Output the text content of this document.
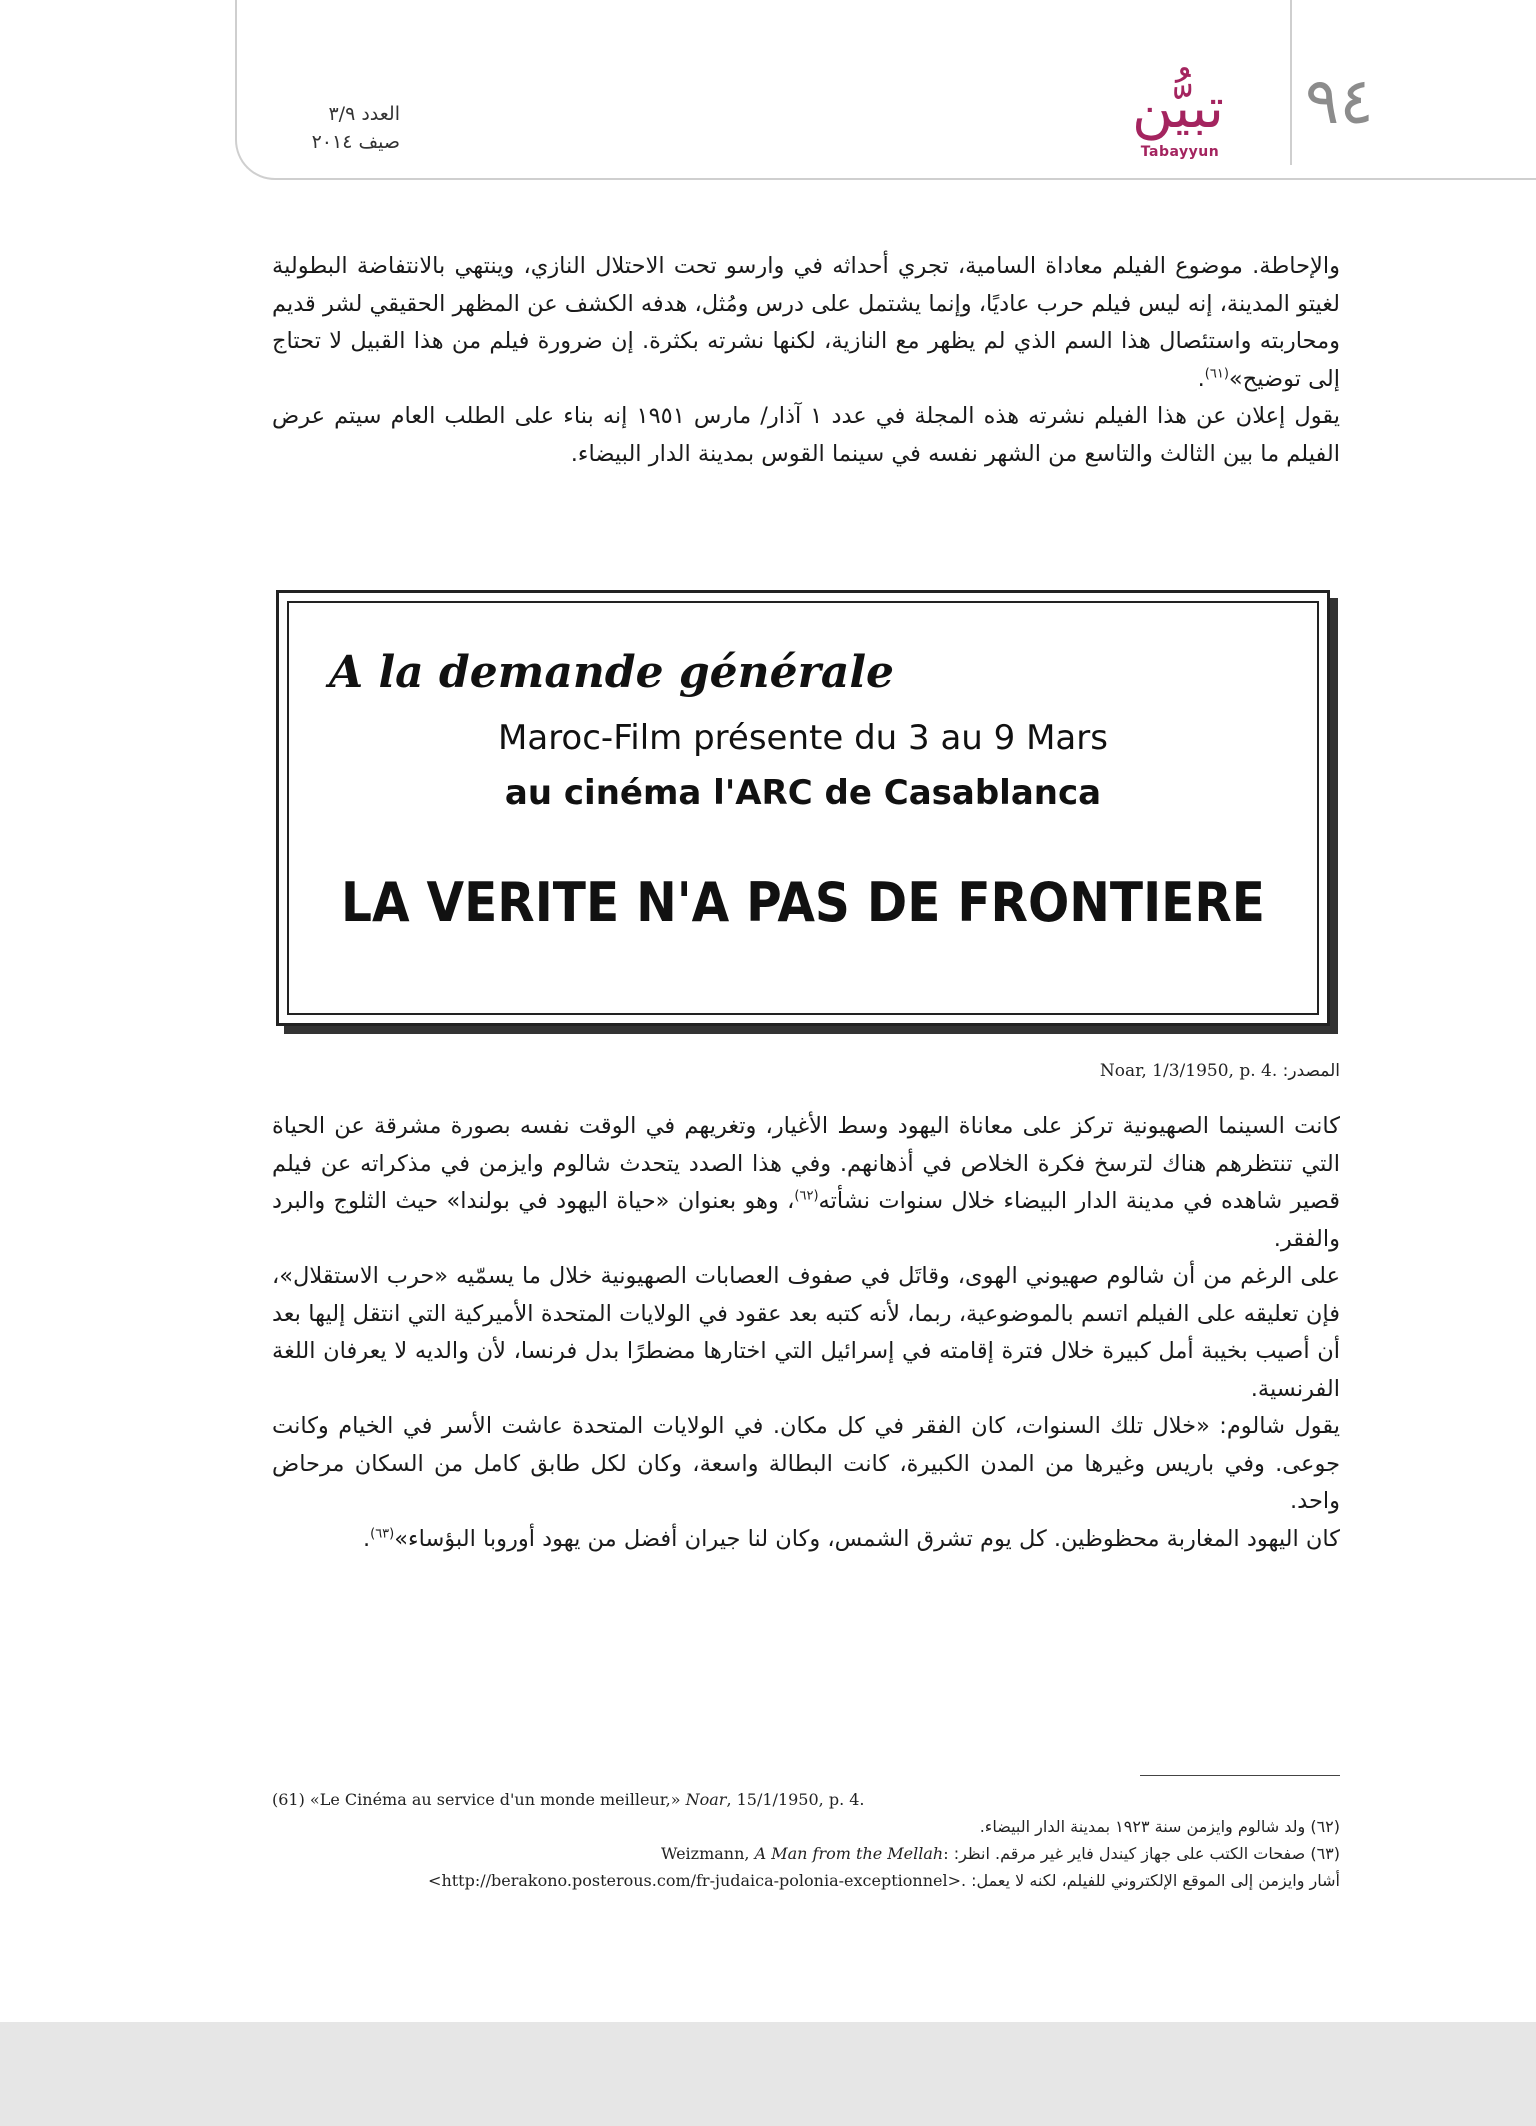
٩٤
تبيُّن
Tabayyun
العدد ٣/٩
صيف ٢٠١٤

والإحاطة. موضوع الفيلم معاداة السامية، تجري أحداثه في وارسو تحت الاحتلال النازي، وينتهي بالانتفاضة البطولية لغيتو المدينة، إنه ليس فيلم حرب عاديًا، وإنما يشتمل على درس ومُثل، هدفه الكشف عن المظهر الحقيقي لشر قديم ومحاربته واستئصال هذا السم الذي لم يظهر مع النازية، لكنها نشرته بكثرة. إن ضرورة فيلم من هذا القبيل لا تحتاج إلى توضيح»$^{(٦١)}$.

يقول إعلان عن هذا الفيلم نشرته هذه المجلة في عدد ١ آذار/ مارس ١٩٥١ إنه بناء على الطلب العام سيتم عرض الفيلم ما بين الثالث والتاسع من الشهر نفسه في سينما القوس بمدينة الدار البيضاء.

A la demande générale
Maroc-Film présente du 3 au 9 Mars
au cinéma l'ARC de Casablanca
LA VERITE N'A PAS DE FRONTIERE
المصدر: Noar, 1/3/1950, p. 4.

كانت السينما الصهيونية تركز على معاناة اليهود وسط الأغيار، وتغريهم في الوقت نفسه بصورة مشرقة عن الحياة التي تنتظرهم هناك لترسخ فكرة الخلاص في أذهانهم. وفي هذا الصدد يتحدث شالوم وايزمن في مذكراته عن فيلم قصير شاهده في مدينة الدار البيضاء خلال سنوات نشأته$^{(٦٢)}$، وهو بعنوان «حياة اليهود في بولندا» حيث الثلوج والبرد والفقر.

على الرغم من أن شالوم صهيوني الهوى، وقاتَل في صفوف العصابات الصهيونية خلال ما يسمّيه «حرب الاستقلال»، فإن تعليقه على الفيلم اتسم بالموضوعية، ربما، لأنه كتبه بعد عقود في الولايات المتحدة الأميركية التي انتقل إليها بعد أن أصيب بخيبة أمل كبيرة خلال فترة إقامته في إسرائيل التي اختارها مضطرًا بدل فرنسا، لأن والديه لا يعرفان اللغة الفرنسية.

يقول شالوم: «خلال تلك السنوات، كان الفقر في كل مكان. في الولايات المتحدة عاشت الأسر في الخيام وكانت جوعى. وفي باريس وغيرها من المدن الكبيرة، كانت البطالة واسعة، وكان لكل طابق كامل من السكان مرحاض واحد.

كان اليهود المغاربة محظوظين. كل يوم تشرق الشمس، وكان لنا جيران أفضل من يهود أوروبا البؤساء»$^{(٦٣)}$.

(61) «Le Cinéma au service d'un monde meilleur,» Noar, 15/1/1950, p. 4.
(٦٢) ولد شالوم وايزمن سنة ١٩٢٣ بمدينة الدار البيضاء.
(٦٣) صفحات الكتب على جهاز كيندل فاير غير مرقم. انظر: Weizmann, A Man from the Mellah:
أشار وايزمن إلى الموقع الإلكتروني للفيلم، لكنه لا يعمل: <http://berakono.posterous.com/fr-judaica-polonia-exceptionnel>.
